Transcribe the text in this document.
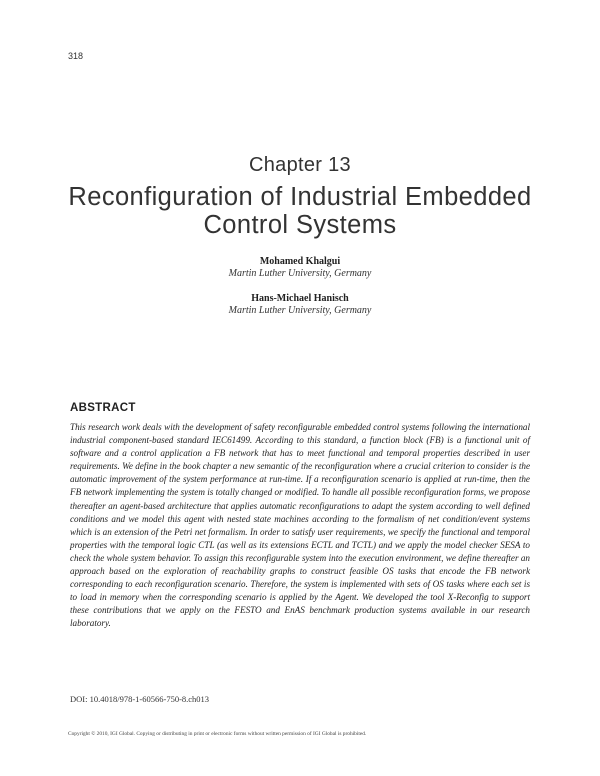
318
Chapter 13
Reconfiguration of Industrial Embedded Control Systems
Mohamed Khalgui
Martin Luther University, Germany
Hans-Michael Hanisch
Martin Luther University, Germany
ABSTRACT

This research work deals with the development of safety reconfigurable embedded control systems following the international industrial component-based standard IEC61499. According to this standard, a function block (FB) is a functional unit of software and a control application a FB network that has to meet functional and temporal properties described in user requirements. We define in the book chapter a new semantic of the reconfiguration where a crucial criterion to consider is the automatic improvement of the system performance at run-time. If a reconfiguration scenario is applied at run-time, then the FB network implementing the system is totally changed or modified. To handle all possible reconfiguration forms, we propose thereafter an agent-based architecture that applies automatic reconfigurations to adapt the system according to well defined conditions and we model this agent with nested state machines according to the formalism of net condition/event systems which is an extension of the Petri net formalism. In order to satisfy user requirements, we specify the functional and temporal properties with the temporal logic CTL (as well as its extensions ECTL and TCTL) and we apply the model checker SESA to check the whole system behavior. To assign this reconfigurable system into the execution environment, we define thereafter an approach based on the exploration of reachability graphs to construct feasible OS tasks that encode the FB network corresponding to each reconfiguration scenario. Therefore, the system is implemented with sets of OS tasks where each set is to load in memory when the corresponding scenario is applied by the Agent. We developed the tool X-Reconfig to support these contributions that we apply on the FESTO and EnAS benchmark production systems available in our research laboratory.

DOI: 10.4018/978-1-60566-750-8.ch013
Copyright © 2010, IGI Global. Copying or distributing in print or electronic forms without written permission of IGI Global is prohibited.
